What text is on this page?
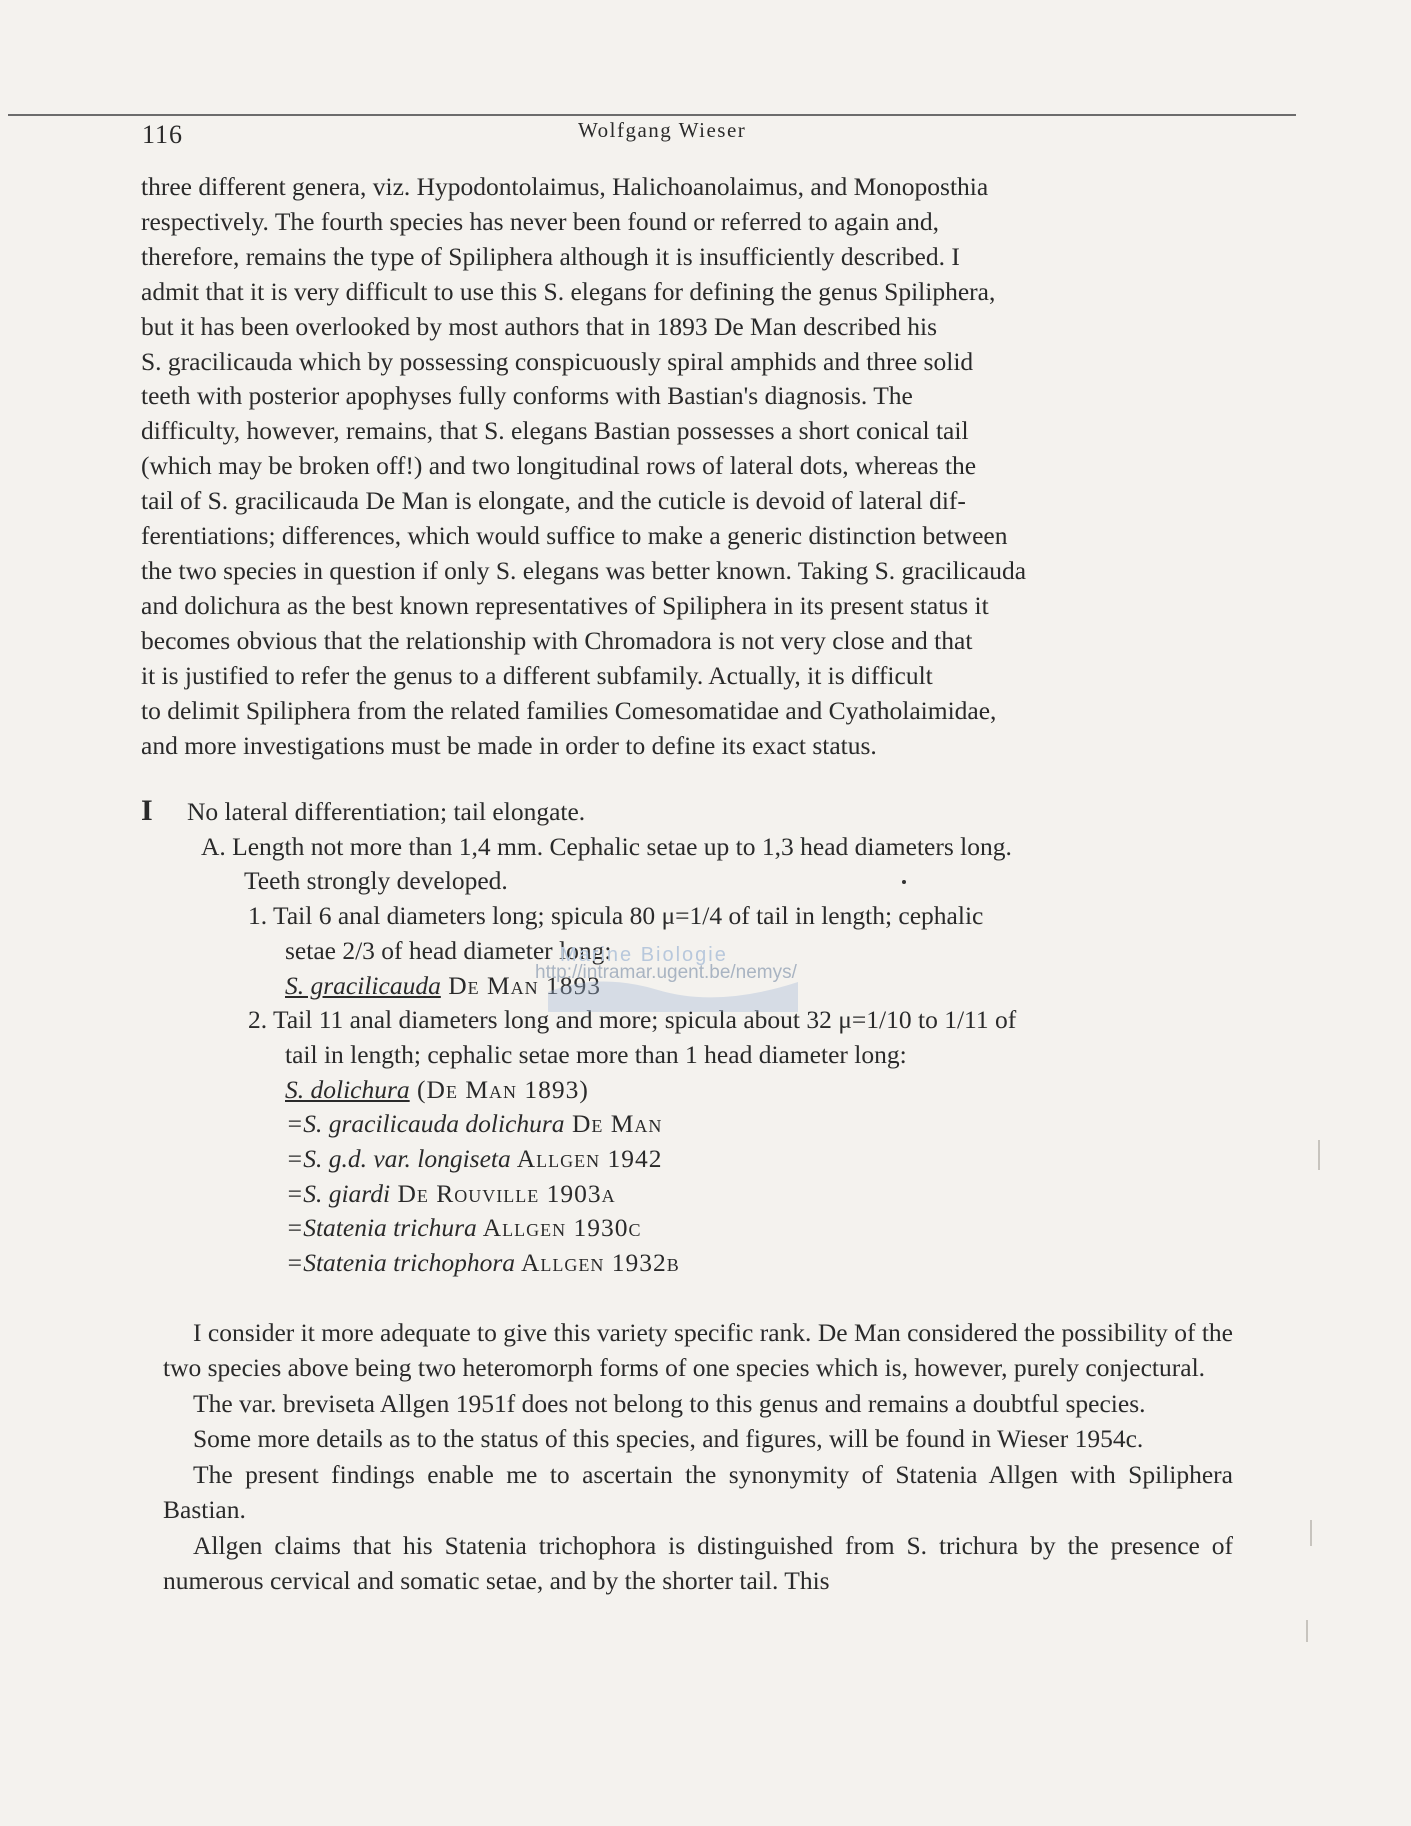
116	Wolfgang Wieser
three different genera, viz. Hypodontolaimus, Halichoanolaimus, and Monoposthia
respectively. The fourth species has never been found or referred to again and,
therefore, remains the type of Spiliphera although it is insufficiently described. I
admit that it is very difficult to use this S. elegans for defining the genus Spiliphera,
but it has been overlooked by most authors that in 1893 De Man described his
S. gracilicauda which by possessing conspicuously spiral amphids and three solid
teeth with posterior apophyses fully conforms with Bastian's diagnosis. The
difficulty, however, remains, that S. elegans Bastian possesses a short conical tail
(which may be broken off!) and two longitudinal rows of lateral dots, whereas the
tail of S. gracilicauda De Man is elongate, and the cuticle is devoid of lateral dif-
ferentiations; differences, which would suffice to make a generic distinction between
the two species in question if only S. elegans was better known. Taking S. gracilicauda
and dolichura as the best known representatives of Spiliphera in its present status it
becomes obvious that the relationship with Chromadora is not very close and that
it is justified to refer the genus to a different subfamily. Actually, it is difficult
to delimit Spiliphera from the related families Comesomatidae and Cyatholaimidae,
and more investigations must be made in order to define its exact status.
I No lateral differentiation; tail elongate.
A. Length not more than 1,4 mm. Cephalic setae up to 1,3 head diameters long.
Teeth strongly developed.
1. Tail 6 anal diameters long; spicula 80 μ=1/4 of tail in length; cephalic
setae 2/3 of head diameter long:
S. gracilicauda De Man 1893
2. Tail 11 anal diameters long and more; spicula about 32 μ=1/10 to 1/11 of
tail in length; cephalic setae more than 1 head diameter long:
S. dolichura (De Man 1893)
=S. gracilicauda dolichura De Man
=S. g.d. var. longiseta Allgen 1942
=S. giardi De Rouville 1903a
=Statenia trichura Allgen 1930c
=Statenia trichophora Allgen 1932b

I consider it more adequate to give this variety specific rank. De Man considered the possibility of the two species above being two heteromorph forms of one species which is, however, purely conjectural.

The var. breviseta Allgen 1951f does not belong to this genus and remains a doubtful species.

Some more details as to the status of this species, and figures, will be found in Wieser 1954c.

The present findings enable me to ascertain the synonymity of Statenia Allgen with Spiliphera Bastian.

Allgen claims that his Statenia trichophora is distinguished from S. trichura by the presence of numerous cervical and somatic setae, and by the shorter tail. This

Marine Biologie
http://intramar.ugent.be/nemys/
